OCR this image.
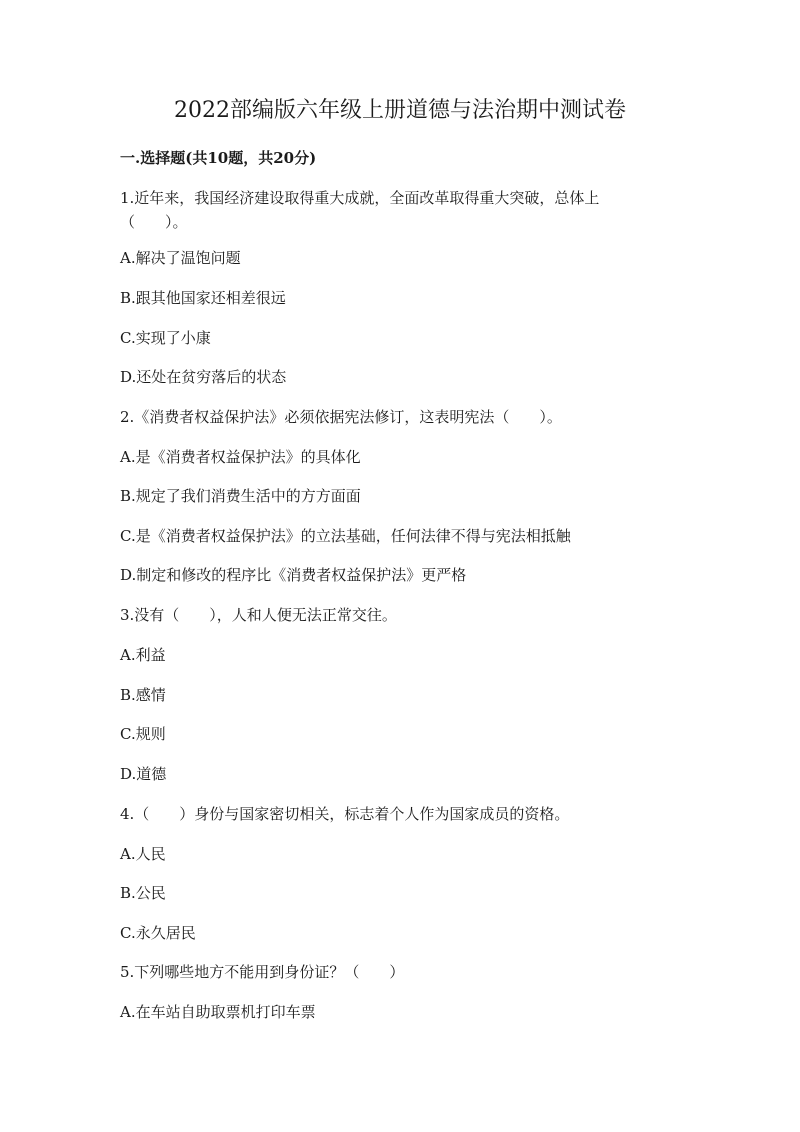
2022部编版六年级上册道德与法治期中测试卷

一.选择题(共10题，共20分)

1.近年来，我国经济建设取得重大成就，全面改革取得重大突破，总体上

（　　）。

A.解决了温饱问题

B.跟其他国家还相差很远

C.实现了小康

D.还处在贫穷落后的状态

2.《消费者权益保护法》必须依据宪法修订，这表明宪法（　　）。

A.是《消费者权益保护法》的具体化

B.规定了我们消费生活中的方方面面

C.是《消费者权益保护法》的立法基础，任何法律不得与宪法相抵触

D.制定和修改的程序比《消费者权益保护法》更严格

3.没有（　　），人和人便无法正常交往。

A.利益

B.感情

C.规则

D.道德

4.（　　）身份与国家密切相关，标志着个人作为国家成员的资格。

A.人民

B.公民

C.永久居民

5.下列哪些地方不能用到身份证？（　　）

A.在车站自助取票机打印车票
